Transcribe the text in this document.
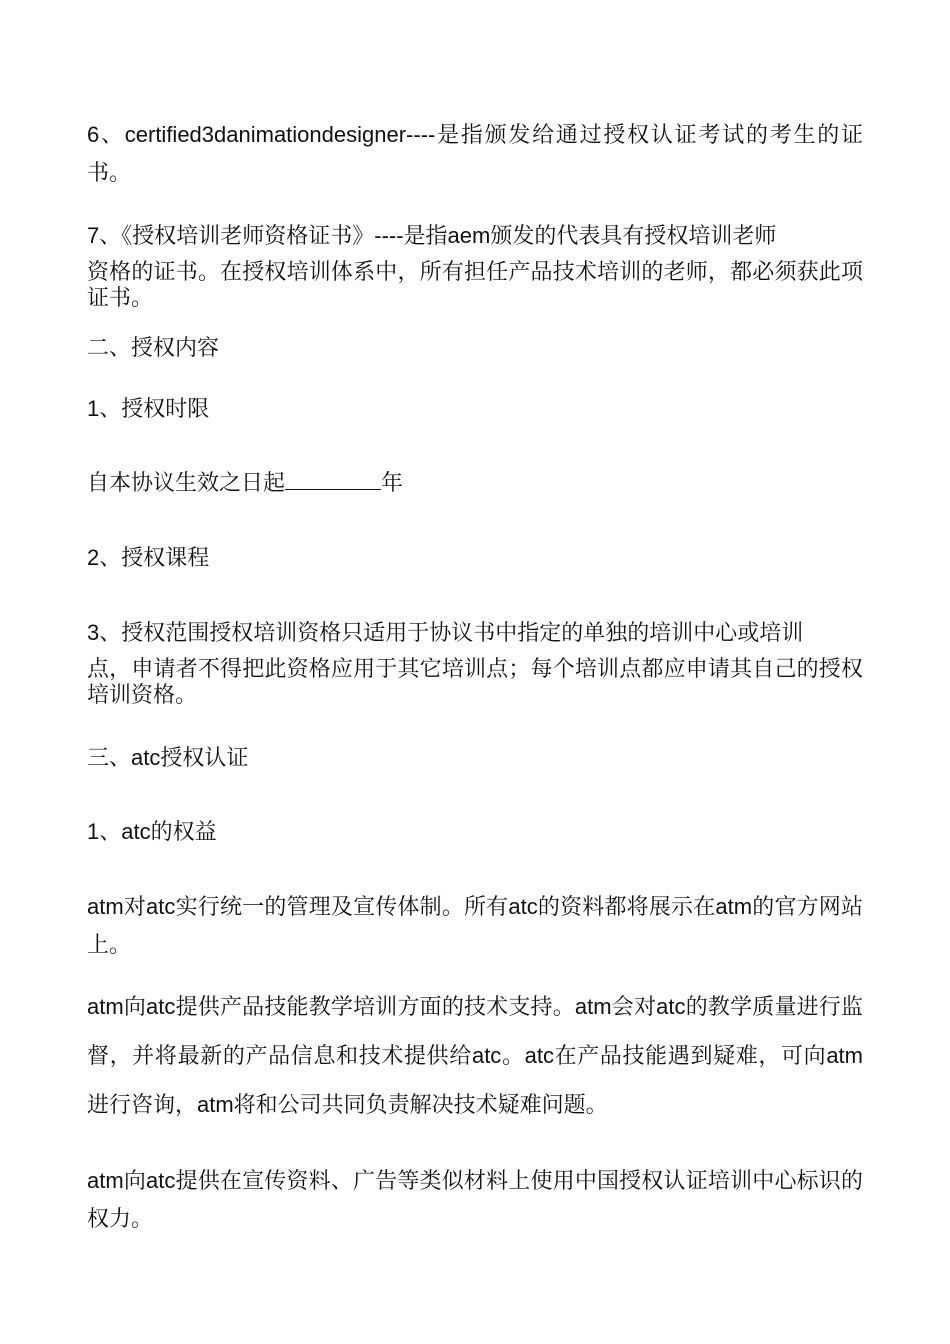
6、certified3danimationdesigner----是指颁发给通过授权认证考试的考生的证书。

7、《授权培训老师资格证书》----是指aem颁发的代表具有授权培训老师

资格的证书。在授权培训体系中，所有担任产品技术培训的老师，都必须获此项证书。

二、授权内容

1、授权时限

自本协议生效之日起	年

2、授权课程

3、授权范围授权培训资格只适用于协议书中指定的单独的培训中心或培训

点，申请者不得把此资格应用于其它培训点；每个培训点都应申请其自己的授权培训资格。

三、atc授权认证

1、atc的权益

atm对atc实行统一的管理及宣传体制。所有atc的资料都将展示在atm的官方网站上。

atm向atc提供产品技能教学培训方面的技术支持。atm会对atc的教学质量进行监督，并将最新的产品信息和技术提供给atc。atc在产品技能遇到疑难，可向atm进行咨询，atm将和公司共同负责解决技术疑难问题。

atm向atc提供在宣传资料、广告等类似材料上使用中国授权认证培训中心标识的权力。
